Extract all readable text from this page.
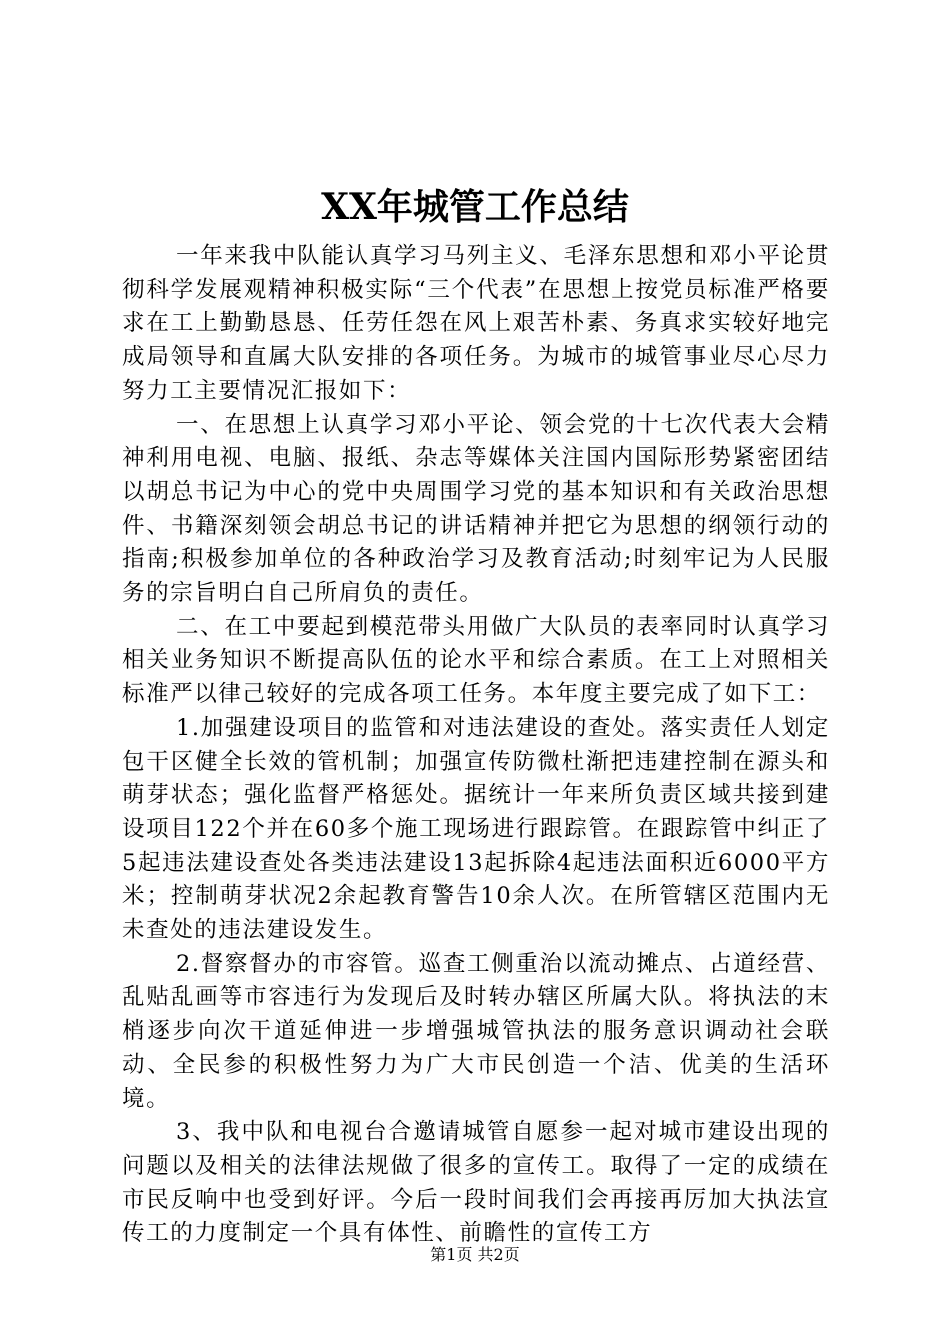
XX年城管工作总结

一年来我中队能认真学习马列主义、毛泽东思想和邓小平论贯彻科学发展观精神积极实际“三个代表”在思想上按党员标准严格要求在工上勤勤恳恳、任劳任怨在风上艰苦朴素、务真求实较好地完成局领导和直属大队安排的各项任务。为城市的城管事业尽心尽力努力工主要情况汇报如下：

一、在思想上认真学习邓小平论、领会党的十七次代表大会精神利用电视、电脑、报纸、杂志等媒体关注国内国际形势紧密团结以胡总书记为中心的党中央周围学习党的基本知识和有关政治思想件、书籍深刻领会胡总书记的讲话精神并把它为思想的纲领行动的指南;积极参加单位的各种政治学习及教育活动;时刻牢记为人民服务的宗旨明白自己所肩负的责任。

二、在工中要起到模范带头用做广大队员的表率同时认真学习相关业务知识不断提高队伍的论水平和综合素质。在工上对照相关标准严以律己较好的完成各项工任务。本年度主要完成了如下工：

1.加强建设项目的监管和对违法建设的查处。落实责任人划定包干区健全长效的管机制；加强宣传防微杜渐把违建控制在源头和萌芽状态；强化监督严格惩处。据统计一年来所负责区域共接到建设项目122个并在60多个施工现场进行跟踪管。在跟踪管中纠正了5起违法建设查处各类违法建设13起拆除4起违法面积近6000平方米；控制萌芽状况2余起教育警告10余人次。在所管辖区范围内无未查处的违法建设发生。

2.督察督办的市容管。巡查工侧重治以流动摊点、占道经营、乱贴乱画等市容违行为发现后及时转办辖区所属大队。将执法的末梢逐步向次干道延伸进一步增强城管执法的服务意识调动社会联动、全民参的积极性努力为广大市民创造一个洁、优美的生活环境。

3、我中队和电视台合邀请城管自愿参一起对城市建设出现的问题以及相关的法律法规做了很多的宣传工。取得了一定的成绩在市民反响中也受到好评。今后一段时间我们会再接再厉加大执法宣传工的力度制定一个具有体性、前瞻性的宣传工方

第1页 共2页
